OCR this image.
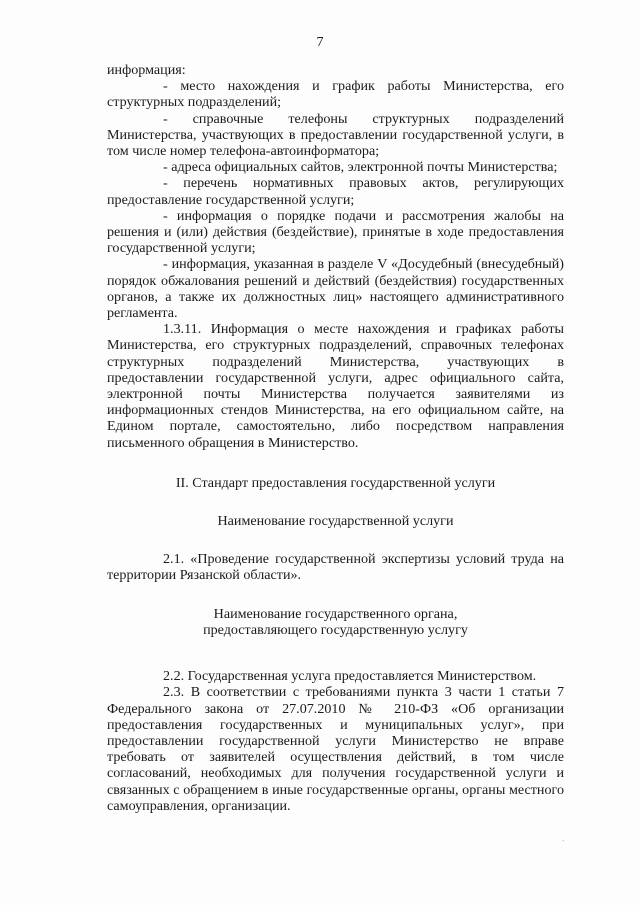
7

информация:

- место нахождения и график работы Министерства, его структурных подразделений;

- справочные телефоны структурных подразделений Министерства, участвующих в предоставлении государственной услуги, в том числе номер телефона-автоинформатора;

- адреса официальных сайтов, электронной почты Министерства;

- перечень нормативных правовых актов, регулирующих предоставление государственной услуги;

- информация о порядке подачи и рассмотрения жалобы на решения и (или) действия (бездействие), принятые в ходе предоставления государственной услуги;

- информация, указанная в разделе V «Досудебный (внесудебный) порядок обжалования решений и действий (бездействия) государственных органов, а также их должностных лиц» настоящего административного регламента.

1.3.11. Информация о месте нахождения и графиках работы Министерства, его структурных подразделений, справочных телефонах структурных подразделений Министерства, участвующих в предоставлении государственной услуги, адрес официального сайта, электронной почты Министерства получается заявителями из информационных стендов Министерства, на его официальном сайте, на Едином портале, самостоятельно, либо посредством направления письменного обращения в Министерство.

II. Стандарт предоставления государственной услуги

Наименование государственной услуги

2.1. «Проведение государственной экспертизы условий труда на территории Рязанской области».

Наименование государственного органа,

предоставляющего государственную услугу

2.2. Государственная услуга предоставляется Министерством.

2.3. В соответствии с требованиями пункта 3 части 1 статьи 7 Федерального закона от 27.07.2010 № 210-ФЗ «Об организации предоставления государственных и муниципальных услуг», при предоставлении государственной услуги Министерство не вправе требовать от заявителей осуществления действий, в том числе согласований, необходимых для получения государственной услуги и связанных с обращением в иные государственные органы, органы местного самоуправления, организации.

`
